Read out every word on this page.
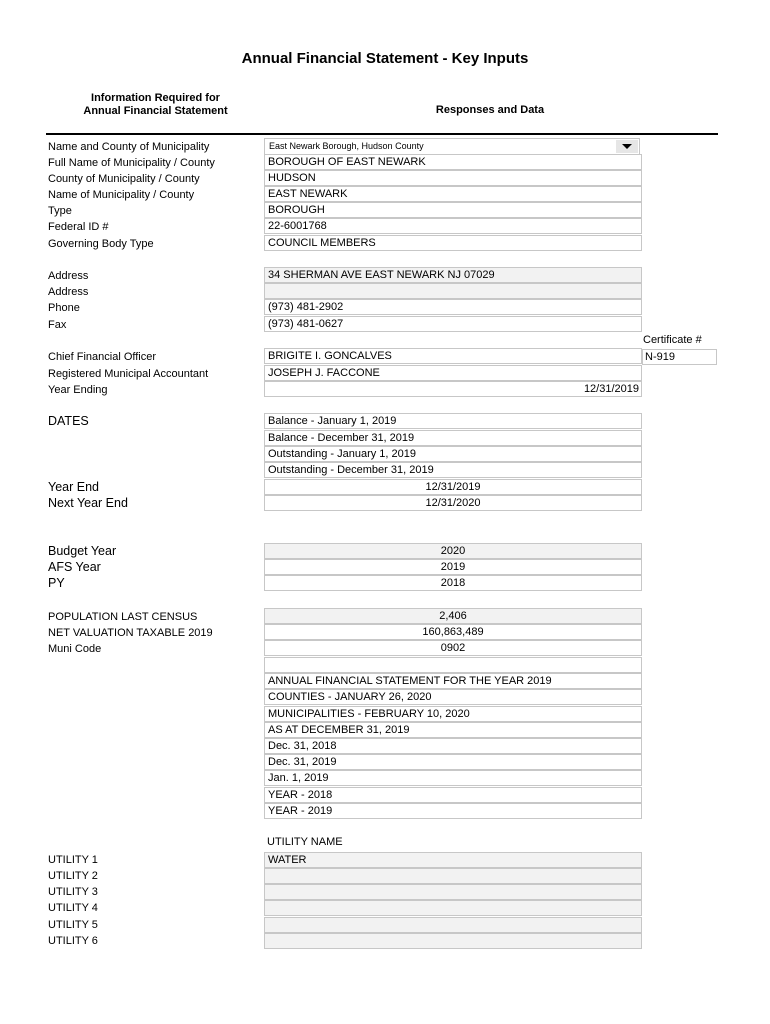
Annual Financial Statement - Key Inputs
Information Required for
Annual Financial Statement	Responses and Data
Name and County of Municipality
Full Name of Municipality / County
County of Municipality / County
Name of Municipality / County
Type
Federal ID #
Governing Body Type
East Newark Borough, Hudson County
BOROUGH OF EAST NEWARK
HUDSON
EAST NEWARK
BOROUGH
22-6001768
COUNCIL MEMBERS
Address
Address
Phone
Fax
34 SHERMAN AVE EAST NEWARK NJ 07029
(973) 481-2902
(973) 481-0627
Certificate #
Chief Financial Officer
Registered Municipal Accountant
Year Ending
BRIGITE I. GONCALVES
JOSEPH J. FACCONE
12/31/2019
N-919
DATES	Balance - January 1, 2019
Balance - December 31, 2019
Outstanding - January 1, 2019
Outstanding - December 31, 2019
Year End
Next Year End
12/31/2019
12/31/2020
Budget Year
AFS Year
PY
2020
2019
2018
POPULATION LAST CENSUS
NET VALUATION TAXABLE 2019
Muni Code
2,406
160,863,489
0902
ANNUAL FINANCIAL STATEMENT FOR THE YEAR 2019
COUNTIES - JANUARY 26, 2020
MUNICIPALITIES - FEBRUARY 10, 2020
AS AT DECEMBER 31, 2019
Dec. 31, 2018
Dec. 31, 2019
Jan. 1, 2019
YEAR - 2018
YEAR - 2019
UTILITY NAME
UTILITY 1
UTILITY 2
UTILITY 3
UTILITY 4
UTILITY 5
UTILITY 6
WATER
